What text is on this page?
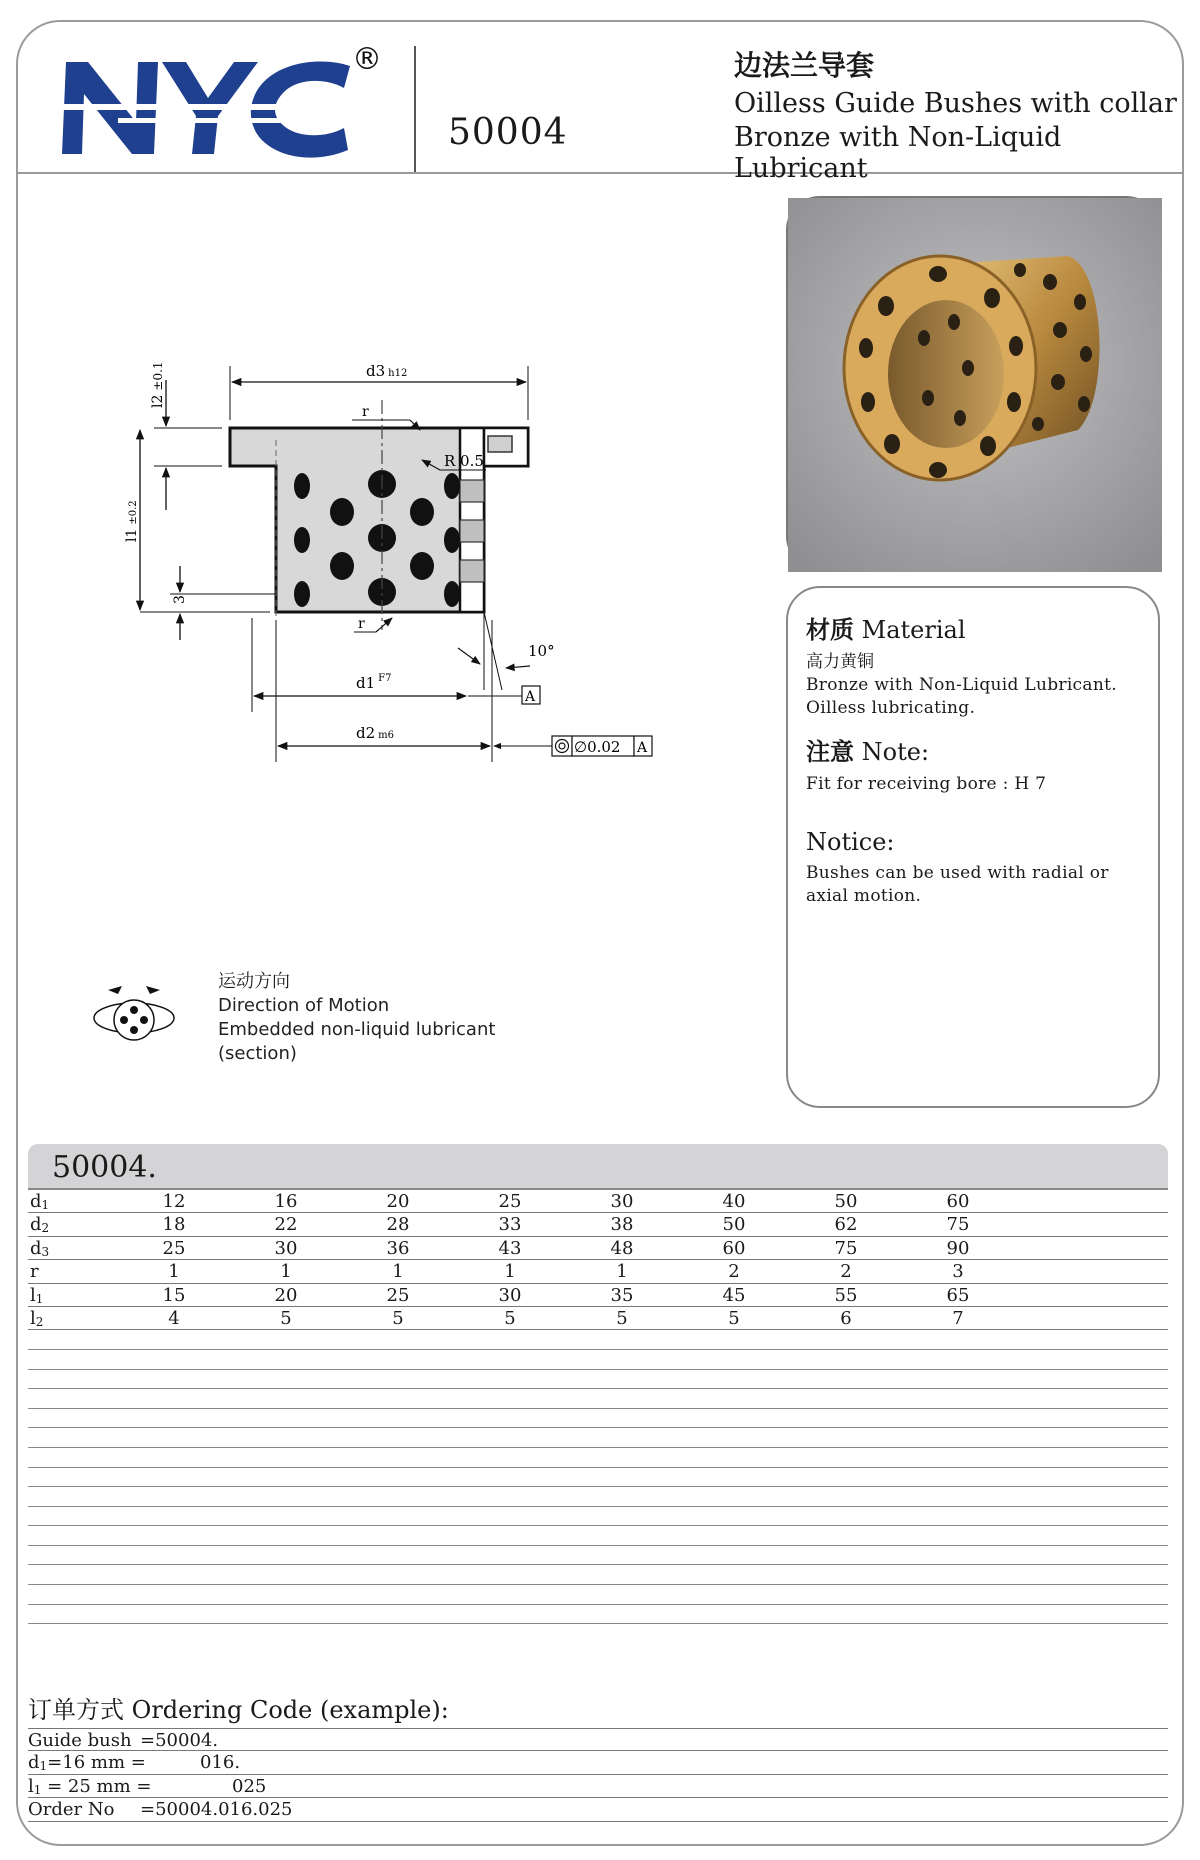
®
50004
边法兰导套
Oilless Guide Bushes with collar
Bronze with Non-Liquid Lubricant
d3 h12
l2±0.1
l1±0.2
3
r
R 0.5
r
10°
A
d1 $^{F7}$
d2 m6
∅0.02 A
材质 Material
高力黄铜
Bronze with Non-Liquid Lubricant.
Oilless lubricating.
注意 Note:
Fit for receiving bore : H 7
Notice:
Bushes can be used with radial or
axial motion.
运动方向
Direction of Motion
Embedded non-liquid lubricant
(section)
50004.
$d_1$	12	16	20	25	30	40	50	60
$d_2$	18	22	28	33	38	50	62	75
$d_3$	25	30	36	43	48	60	75	90
r	1	1	1	1	1	2	2	3
$l_1$	15	20	25	30	35	45	55	65
$l_2$	4	5	5	5	5	5	6	7
订单方式 Ordering Code (example):
Guide bush =50004.
$d_1=16$ mm =	016.
$l_1 = 25$ mm =	025
Order No =50004.016.025
